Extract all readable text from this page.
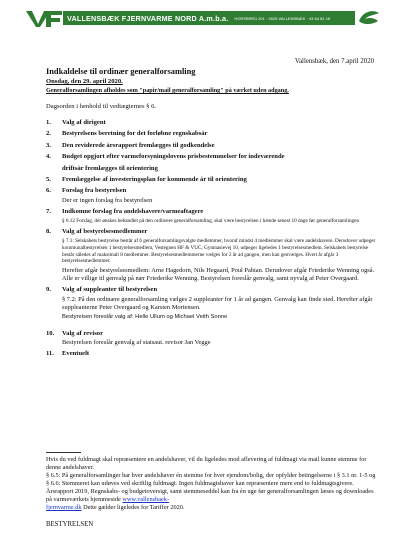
VALLENSBÆK FJERNVARME NORD A.m.b.a. HORSBRED 201 · 2625 VALLENSBÆK · 43 64 81 16
Vallensbæk, den 7.april 2020
Indkaldelse til ordinær generalforsamling
Onsdag, den 29. april 2020.
Generalforsamlingen afholdes som "papir/mail generalforsamling" på værket uden adgang.
Dagsorden i henhold til vedtægternes § 6.
1. Valg af dirigent
2. Bestyrelsens beretning for det forløbne regnskabsår
3. Den reviderede årsrapport fremlægges til godkendelse
4. Budget opgjort efter varmeforsyningslovens prisbestemmelser for indeværende
driftsår fremlægges til orientering
5. Fremlæggelse af investeringsplan for kommende år til orientering
6. Forslag fra bestyrelsen
Der er ingen forslag fra bestyrelsen
7. Indkomne forslag fra andelshavere/varmeaftagere
§ 6.12 Forslag, der ønskes behandlet på den ordinære generalforsamling, skal være bestyrelsen i hænde senest 10 dage før generalforsamlingen
8. Valg af bestyrelsesmedlemmer
§ 7.1: Selskabets bestyrelse består af 6 generalforsamlingsvalgte medlemmer, hvoraf mindst 4 medlemmer skal være andelshavere. Derudover udpeger kommunalbestyrelsen 1 bestyrelsesmedlem, Vestegnen HF & VUC, Gymnasievej 10, udpeger ligeledes 1 bestyrelsesmedlem. Selskabets bestyrelse består således af maksimalt 8 medlemmer. Bestyrelsesmedlemmerne vælges for 2 år ad gangen, men kan genvælges. Hvert år afgår 3 bestyrelsesmedlemmer.
Herefter afgår bestyrelsesmedlem: Arne Hagedorn, Nils Hegaard, Poul Pabian. Derudover afgår Friederike Wenning også. Alle er villige til genvalg på nær Friederike Wenning. Bestyrelsen foreslår genvalg, samt nyvalg af Peter Overgaard.
9. Valg af suppleanter til bestyrelsen
§ 7.2: På den ordinære generalforsamling vælges 2 suppleanter for 1 år ad gangen. Genvalg kan finde sted. Herefter afgår suppleanterne Peter Overgaard og Karsten Mortensen.
Bestyrelsen foreslår valg af: Helle Ullum og Michael Veith Sonne
10. Valg af revisor
Bestyrelsen foreslår genvalg af statsaut. revisor Jan Vegge
11. Eventuelt
Hvis du ved fuldmagt skal repræsentere en andelshaver, vil du ligeledes mod aflevering af fuldmagt via mail kunne stemme for denne andelshaver.
§ 6.5: På generalforsamlinger har hver andelshaver én stemme for hver ejendom/bolig, der opfylder betingelserne i § 3.1 nr. 1-5 og § 6.6: Stemmeret kan udøves ved skriftlig fuldmagt. Ingen fuldmagtshaver kan repræsentere mere end to fuldmagtsgivere.
Årsrapport 2019, Regnskabs- og budgetoversigt, samt stemmeseddel kan fra én uge før generalforsamlingen læses og downloades på varmeværkets hjemmeside www.vallensbaek-
fjernvarme.dk Dette gælder ligeledes for Tariffer 2020.
BESTYRELSEN
